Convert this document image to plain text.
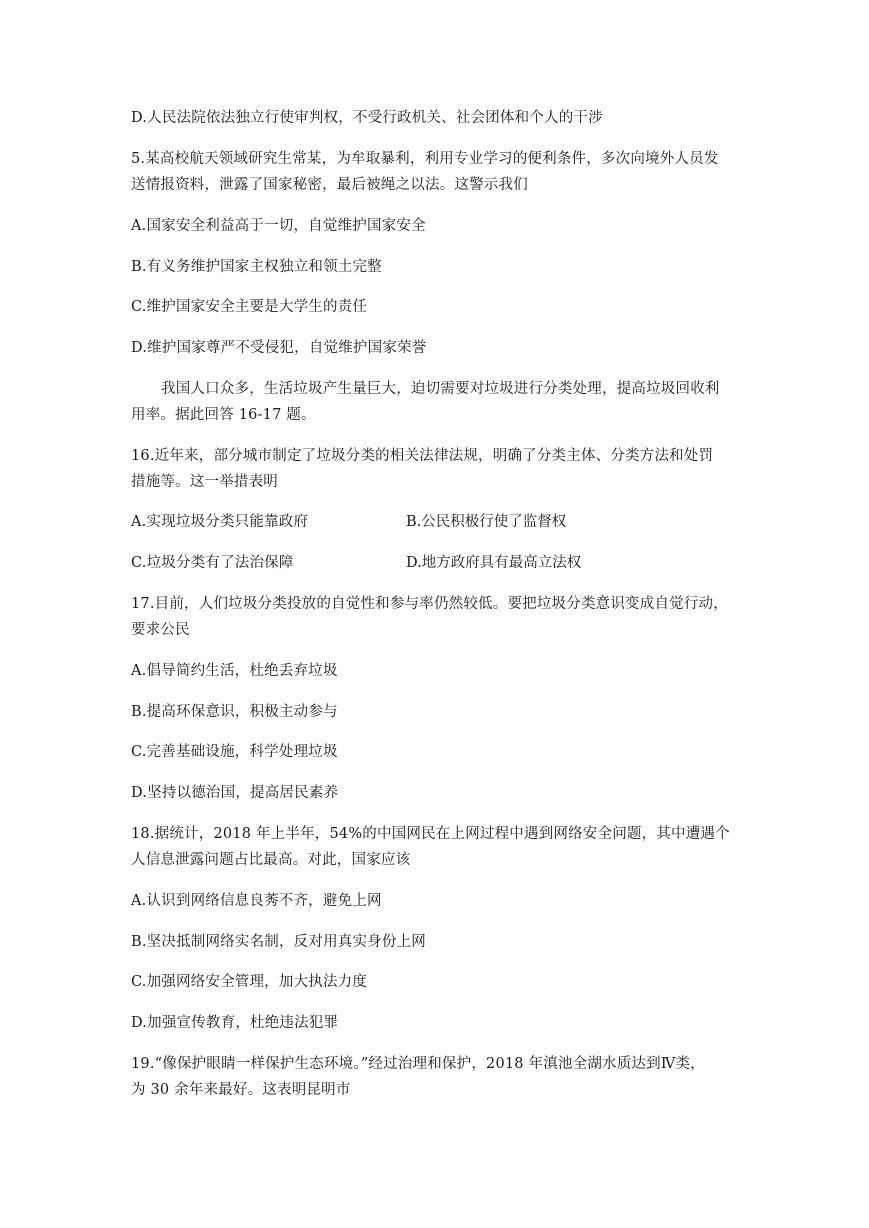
D.人民法院依法独立行使审判权，不受行政机关、社会团体和个人的干涉
5.某高校航天领域研究生常某，为牟取暴利，利用专业学习的便利条件，多次向境外人员发
送情报资料，泄露了国家秘密，最后被绳之以法。这警示我们
A.国家安全利益高于一切，自觉维护国家安全
B.有义务维护国家主权独立和领土完整
C.维护国家安全主要是大学生的责任
D.维护国家尊严不受侵犯，自觉维护国家荣誉
我国人口众多，生活垃圾产生量巨大，迫切需要对垃圾进行分类处理，提高垃圾回收利
用率。据此回答 16-17 题。
16.近年来，部分城市制定了垃圾分类的相关法律法规，明确了分类主体、分类方法和处罚
措施等。这一举措表明
A.实现垃圾分类只能靠政府	B.公民积极行使了监督权
C.垃圾分类有了法治保障	D.地方政府具有最高立法权
17.目前，人们垃圾分类投放的自觉性和参与率仍然较低。要把垃圾分类意识变成自觉行动，
要求公民
A.倡导简约生活，杜绝丢弃垃圾
B.提高环保意识，积极主动参与
C.完善基础设施，科学处理垃圾
D.坚持以德治国，提高居民素养
18.据统计，2018 年上半年，54%的中国网民在上网过程中遇到网络安全问题，其中遭遇个
人信息泄露问题占比最高。对此，国家应该
A.认识到网络信息良莠不齐，避免上网
B.坚决抵制网络实名制，反对用真实身份上网
C.加强网络安全管理，加大执法力度
D.加强宣传教育，杜绝违法犯罪
19.“像保护眼睛一样保护生态环境。”经过治理和保护，2018 年滇池全湖水质达到Ⅳ类，
为 30 余年来最好。这表明昆明市
